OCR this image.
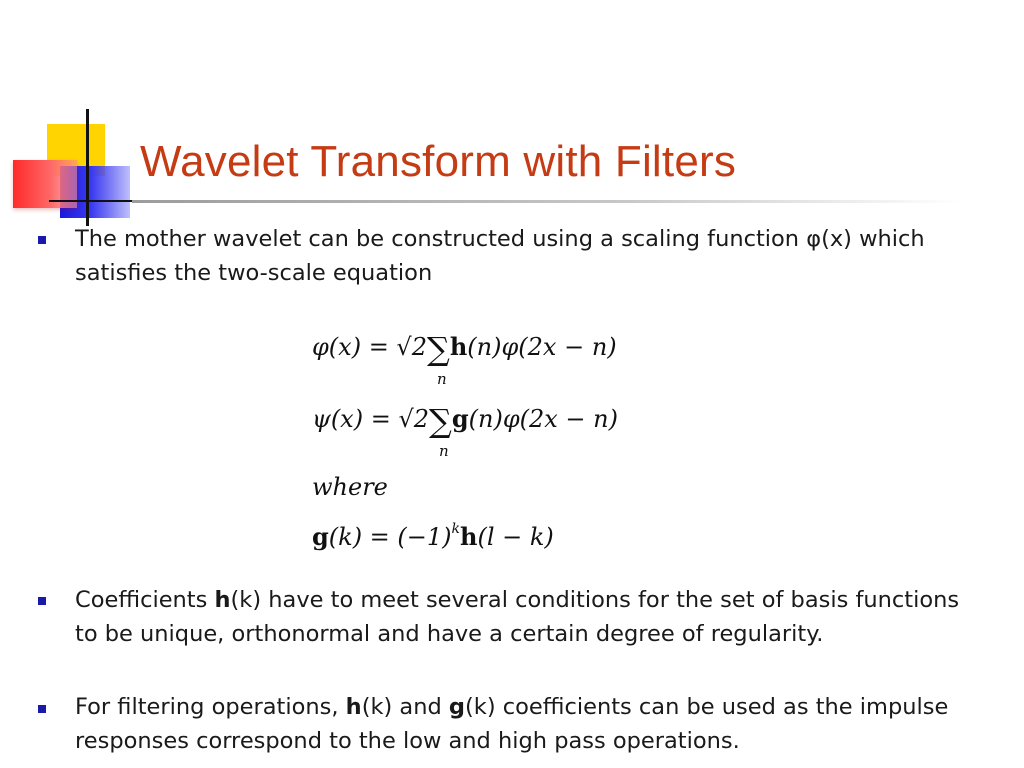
Wavelet Transform with Filters
The mother wavelet can be constructed using a scaling function φ(x) which satisfies the two-scale equation
φ(x) = √2∑
n
h(n)φ(2x − n)
ψ(x) = √2∑
n
g(n)φ(2x − n)
where
$g(k) = (-1)^kh(l - k)$
Coefficients h(k) have to meet several conditions for the set of basis functions to be unique, orthonormal and have a certain degree of regularity.
For filtering operations, h(k) and g(k) coefficients can be used as the impulse responses correspond to the low and high pass operations.
